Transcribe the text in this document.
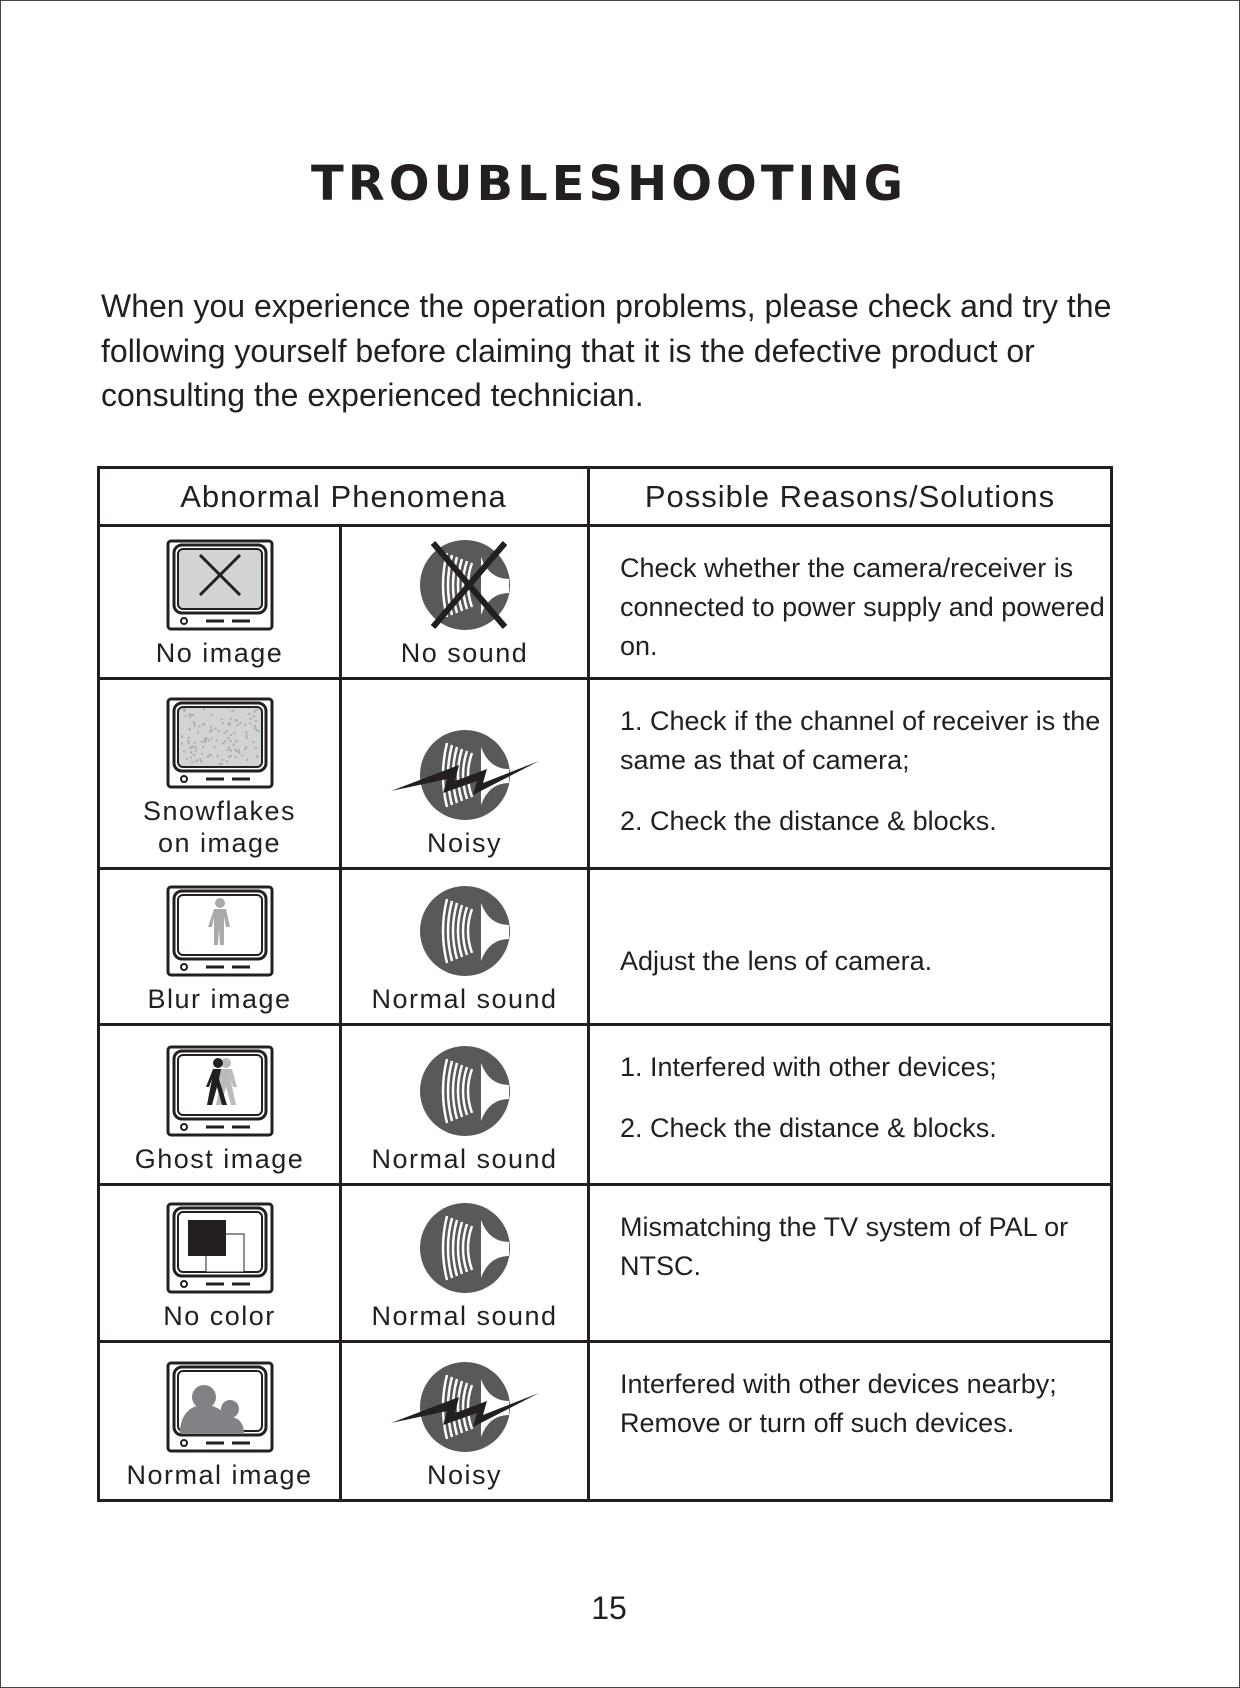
TROUBLESHOOTING
When you experience the operation problems, please check and try the following yourself before claiming that it is the defective product or consulting the experienced technician.
Abnormal Phenomena	Possible Reasons/Solutions
No image	No sound

Check whether the camera/receiver is connected to power supply and powered on.

Snowflakes
on image	Noisy

1. Check if the channel of receiver is the same as that of camera;

2. Check the distance & blocks.

Blur image	Normal sound

Adjust the lens of camera.

Ghost image Normal sound

1. Interfered with other devices;

2. Check the distance & blocks.

No color	Normal sound

Mismatching the TV system of PAL or NTSC.

Normal image	Noisy

Interfered with other devices nearby; Remove or turn off such devices.

15
